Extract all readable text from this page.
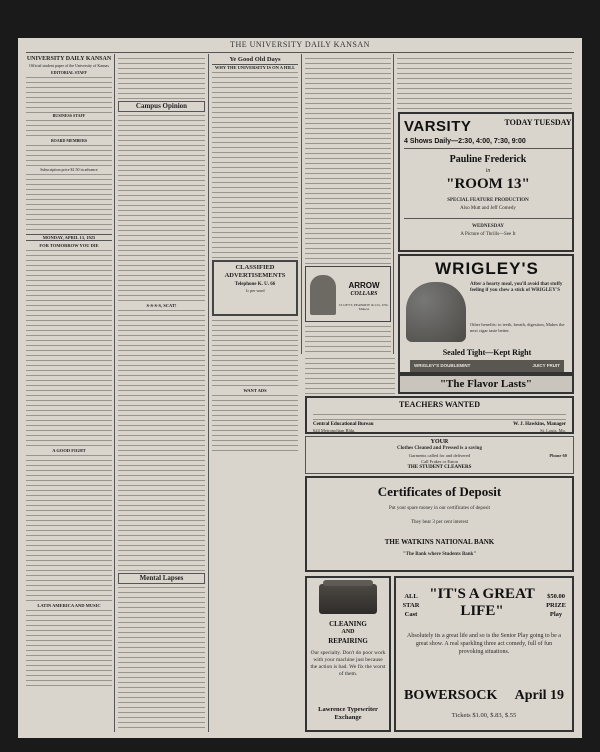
THE UNIVERSITY DAILY KANSAN
UNIVERSITY DAILY KANSAN
Official student paper of the University of Kansas
EDITORIAL STAFF
BUSINESS STAFF
BOARD MEMBERS
Subscription price $1.50 in advance
MONDAY, APRIL 13, 1925
FOR TOMORROW YOU DIE
A GOOD FIGHT
LATIN AMERICA AND MUSIC
Campus Opinion
S-S-S-S, SCAT!
Mental Lapses
Ye Good Old Days
WHY THE UNIVERSITY IS ON A HILL
CLASSIFIED ADVERTISEMENTS
Telephone K. U. 66
1c per word
WANT ADS
ARROW
COLLARS
CLUETT, PEABODY & CO., INC. Makers
VARSITY	TODAY TUESDAY
4 Shows Daily—2:30, 4:00, 7:30, 9:00
Pauline Frederick
in
"ROOM 13"
SPECIAL FEATURE PRODUCTION
Also Mutt and Jeff Comedy
WEDNESDAY
A Picture of Thrills—See It
WRIGLEY'S
After a hearty meal, you'll avoid that stuffy feeling if you chew a stick of WRIGLEY'S
Other benefits: to teeth, breath, digestion, Makes the next cigar taste better.
Sealed Tight—Kept Right
WRIGLEY'S DOUBLEMINT	JUICY FRUIT
"The Flavor Lasts"
TEACHERS WANTED
Central Educational Bureau
624 Metropolitan Bldg.
W. J. Hawkins, Manager
St. Louis, Mo.
YOUR
Clothes Cleaned and Pressed is a saving
Garments called for and delivered
Call Fraker or Eaton
THE STUDENT CLEANERS
Phone 60
Certificates of Deposit
Put your spare money in our certificates of deposit
They bear 3 per cent interest
THE WATKINS NATIONAL BANK
"The Bank where Students Bank"
CLEANING
AND
REPAIRING
Our specialty. Don't do poor work with your machine just because the action is bad. We fix the worst of them.
Lawrence Typewriter Exchange
ALL STAR Cast
"IT'S A GREAT LIFE"
$50.00 PRIZE Play
Absolutely its a great life and so is the Senior Play going to be a great show. A real sparkling three act comedy, full of fun provoking situations.
BOWERSOCK April 19
Tickets $1.00, $.83, $.55
